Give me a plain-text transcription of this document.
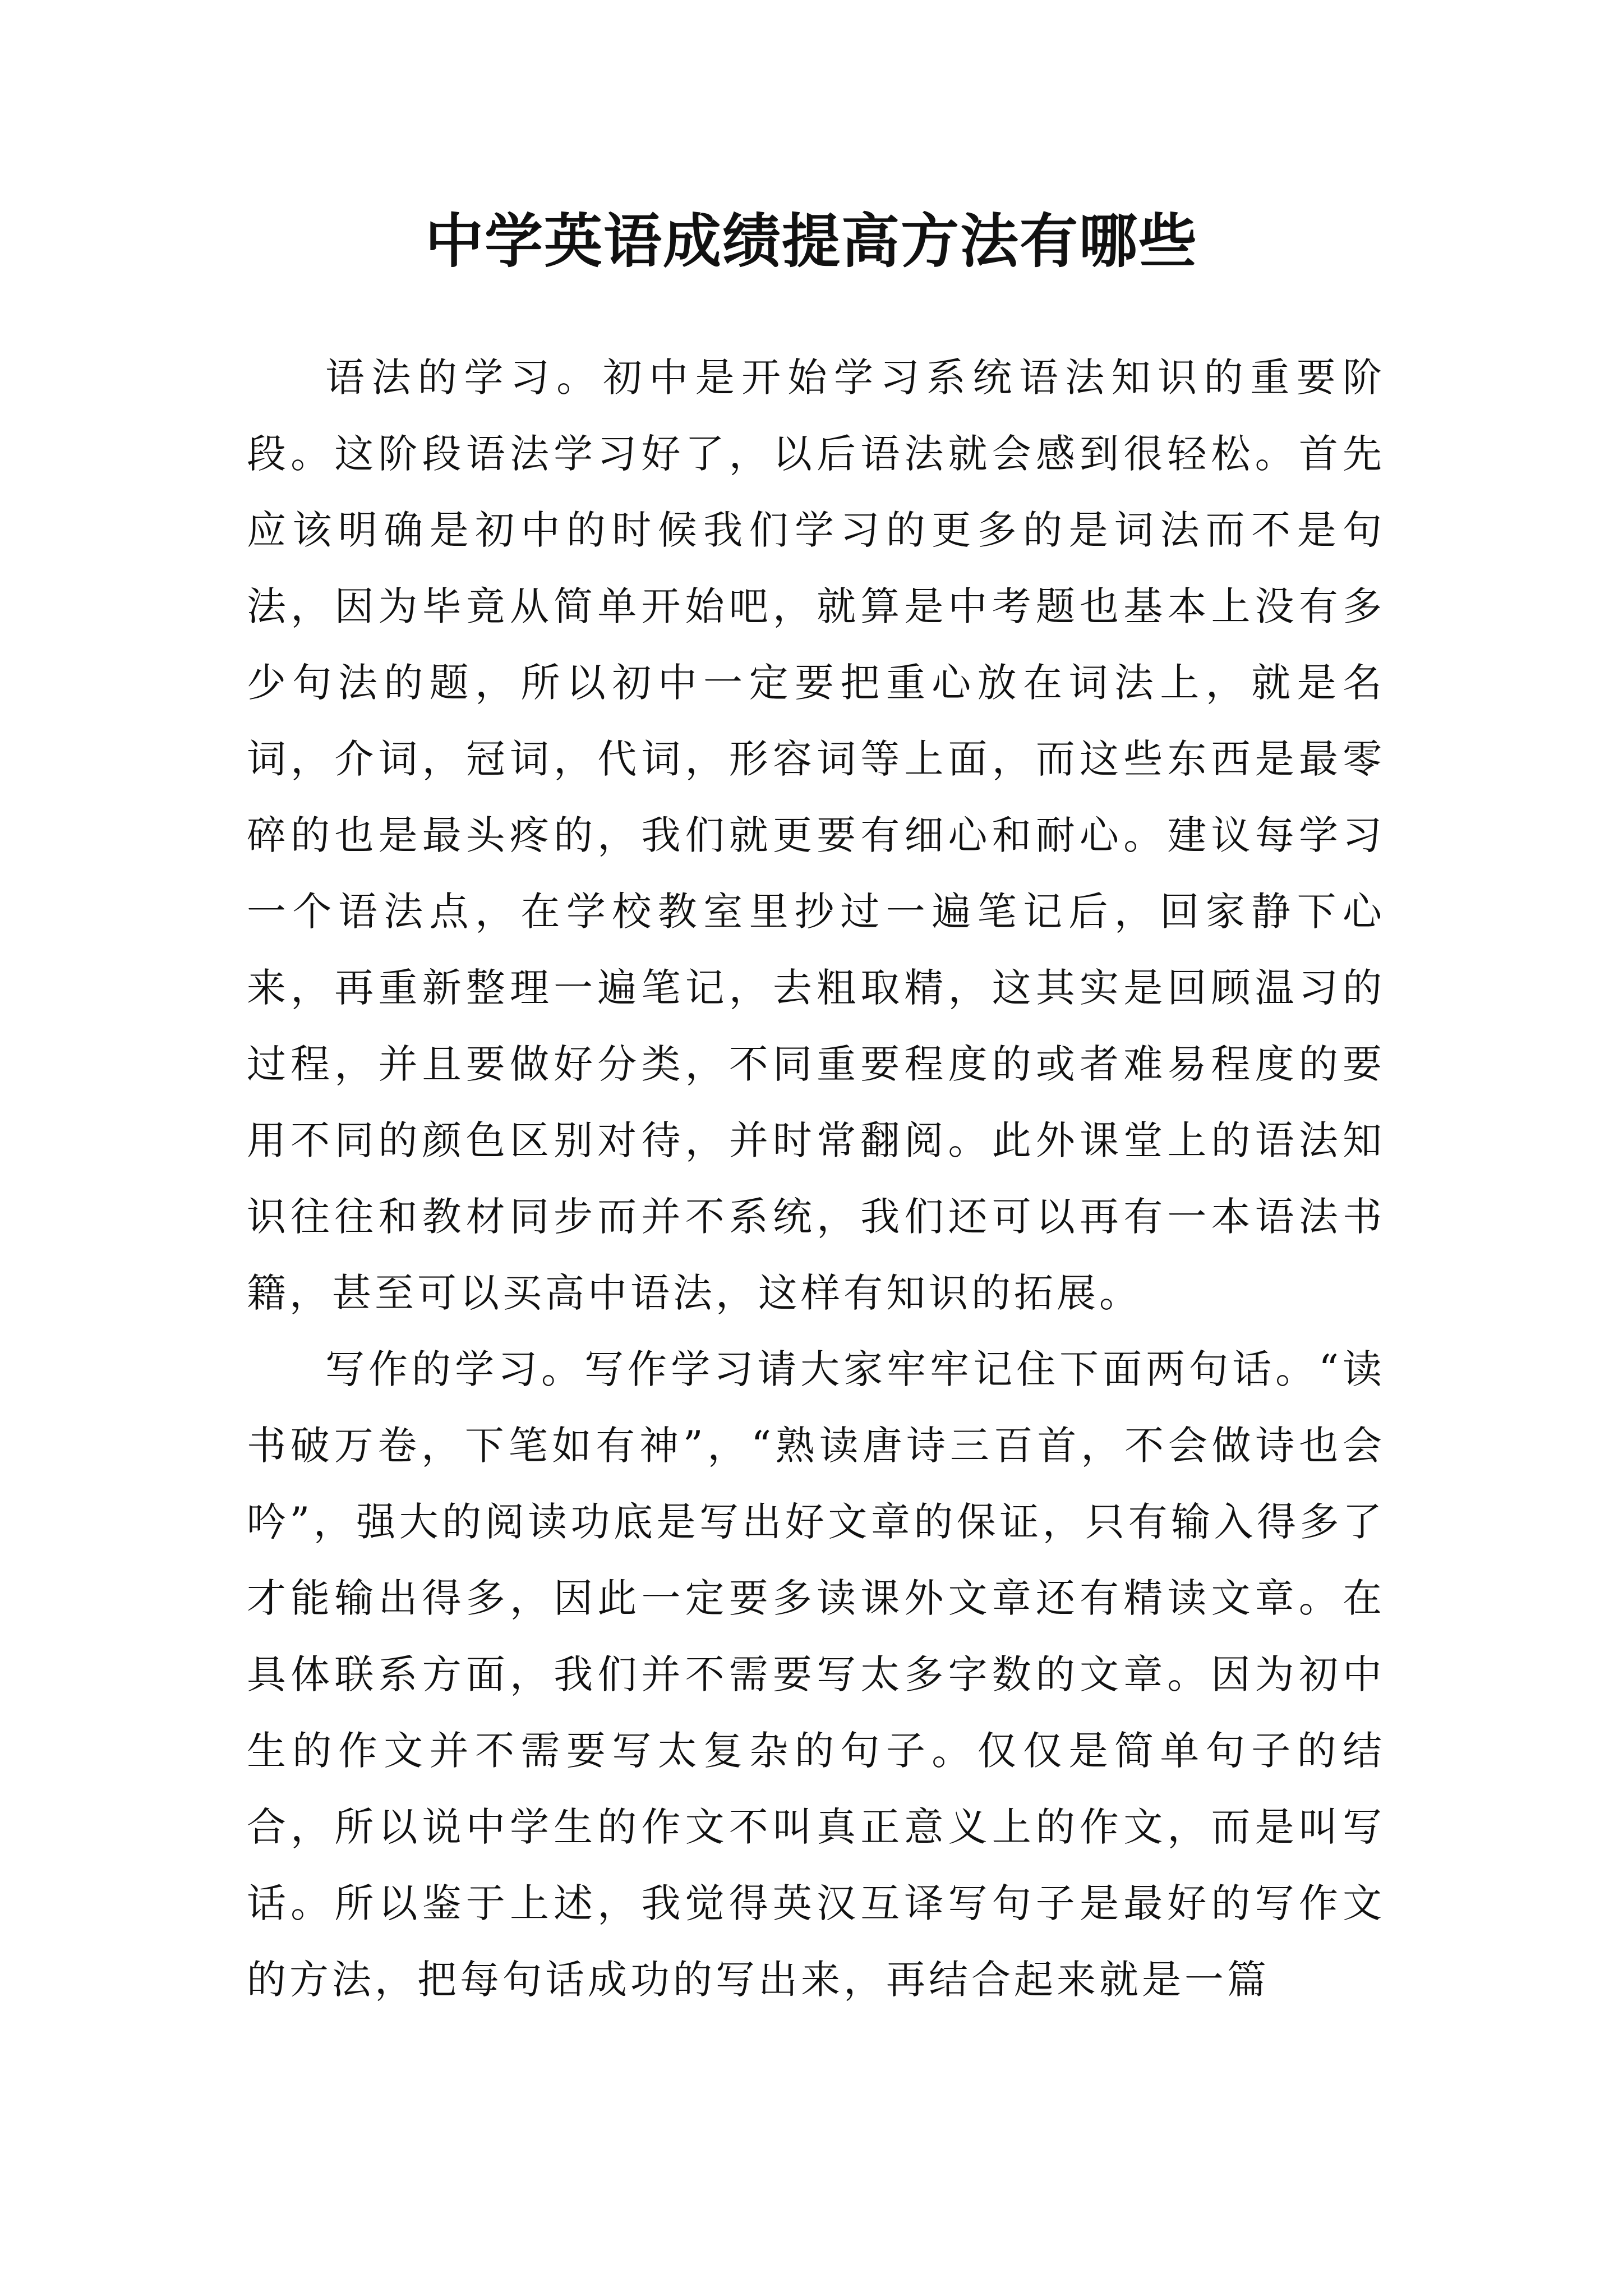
中学英语成绩提高方法有哪些

语法的学习。初中是开始学习系统语法知识的重要阶段。这阶段语法学习好了，以后语法就会感到很轻松。首先应该明确是初中的时候我们学习的更多的是词法而不是句法，因为毕竟从简单开始吧，就算是中考题也基本上没有多少句法的题，所以初中一定要把重心放在词法上，就是名词，介词，冠词，代词，形容词等上面，而这些东西是最零碎的也是最头疼的，我们就更要有细心和耐心。建议每学习一个语法点，在学校教室里抄过一遍笔记后，回家静下心来，再重新整理一遍笔记，去粗取精，这其实是回顾温习的过程，并且要做好分类，不同重要程度的或者难易程度的要用不同的颜色区别对待，并时常翻阅。此外课堂上的语法知识往往和教材同步而并不系统，我们还可以再有一本语法书籍，甚至可以买高中语法，这样有知识的拓展。

写作的学习。写作学习请大家牢牢记住下面两句话。“读书破万卷，下笔如有神”，“熟读唐诗三百首，不会做诗也会吟”，强大的阅读功底是写出好文章的保证，只有输入得多了才能输出得多，因此一定要多读课外文章还有精读文章。在具体联系方面，我们并不需要写太多字数的文章。因为初中生的作文并不需要写太复杂的句子。仅仅是简单句子的结合，所以说中学生的作文不叫真正意义上的作文，而是叫写话。所以鉴于上述，我觉得英汉互译写句子是最好的写作文的方法，把每句话成功的写出来，再结合起来就是一篇
